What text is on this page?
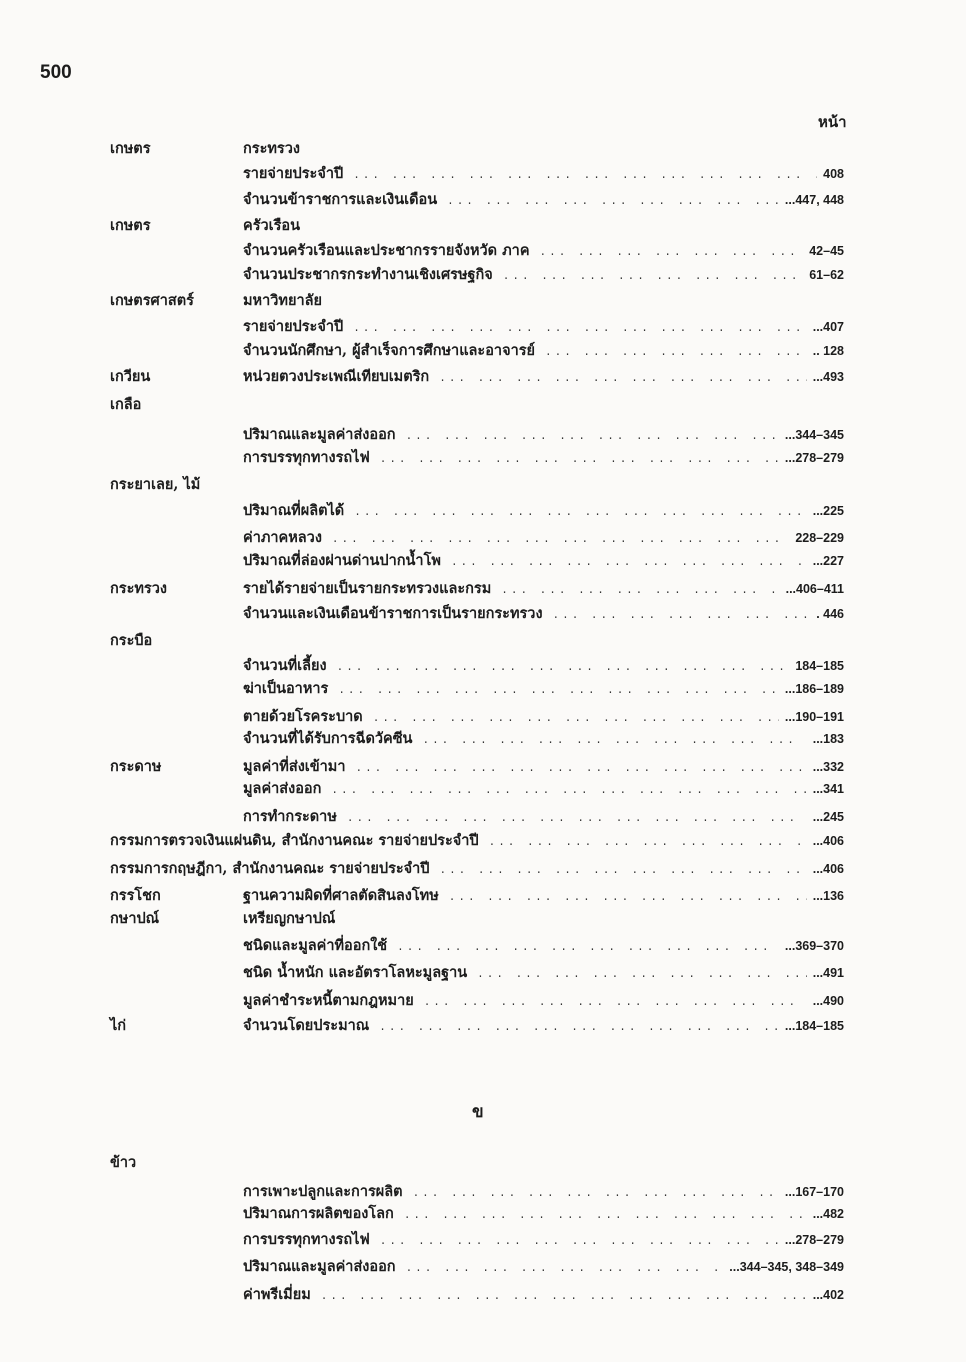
500
หน้า
เกษตร	กระทรวง
รายจ่ายประจำปี ... .	408
จำนวนข้าราชการและเงินเดือน ... .	...447, 448
เกษตร	ครัวเรือน
จำนวนครัวเรือนและประชากรรายจังหวัด ภาค ... .	42–45
จำนวนประชากรกระทำงานเชิงเศรษฐกิจ ... .	61–62
เกษตรศาสตร์	มหาวิทยาลัย
รายจ่ายประจำปี ... .	...407
จำนวนนักศึกษา, ผู้สำเร็จการศึกษาและอาจารย์ ... .	.. 128
เกวียน	หน่วยตวงประเพณีเทียบเมตริก ... .	...493
เกลือ
ปริมาณและมูลค่าส่งออก ... .	...344–345
การบรรทุกทางรถไฟ ... .	...278–279
กระยาเลย, ไม้
ปริมาณที่ผลิตได้ ... .	...225
ค่าภาคหลวง ... .	228–229
ปริมาณที่ล่องผ่านด่านปากน้ำโพ ... .	...227
กระทรวง	รายได้รายจ่ายเป็นรายกระทรวงและกรม ... .	...406–411
จำนวนและเงินเดือนข้าราชการเป็นรายกระทรวง ... .	. 446
กระบือ
จำนวนที่เลี้ยง ... .	184–185
ฆ่าเป็นอาหาร ... .	...186–189
ตายด้วยโรคระบาด ... .	...190–191
จำนวนที่ได้รับการฉีดวัคซีน ... .	...183
กระดาษ	มูลค่าที่ส่งเข้ามา ... .	...332
มูลค่าส่งออก ... .	...341
การทำกระดาษ ... .	...245
กรรมการตรวจเงินแผ่นดิน, สำนักงานคณะ รายจ่ายประจำปี ... .	...406
กรรมการกฤษฎีกา, สำนักงานคณะ รายจ่ายประจำปี ... .	...406
กรรโชก	ฐานความผิดที่ศาลตัดสินลงโทษ ... .	...136
กษาปณ์	เหรียญกษาปณ์
ชนิดและมูลค่าที่ออกใช้ ... .	...369–370
ชนิด น้ำหนัก และอัตราโลหะมูลฐาน ... .	...491
มูลค่าชำระหนี้ตามกฎหมาย ... .	...490
ไก่	จำนวนโดยประมาณ ... .	...184–185
ข้าว
การเพาะปลูกและการผลิต ... .	...167–170
ปริมาณการผลิตของโลก ... .	...482
การบรรทุกทางรถไฟ ... .	...278–279
ปริมาณและมูลค่าส่งออก ... .	...344–345, 348–349
ค่าพรีเมี่ยม ... .	...402
ข
